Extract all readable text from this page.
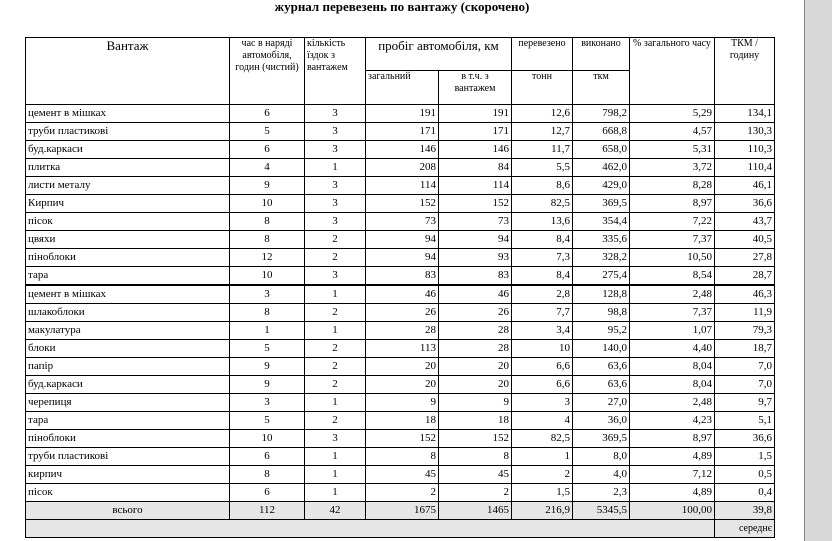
журнал перевезень по вантажу (скорочено)
Вантаж	час в наряді автомобіля, годин (чистий)	кількість їздок з вантажем	пробіг автомобіля, км		перевезено	виконано	% загального часу	ТКМ /годину
			загальний	в т.ч. з вантажем	тонн	ткм		
цемент в мішках	6	3	191	191	12,6	798,2	5,29	134,1
труби пластикові	5	3	171	171	12,7	668,8	4,57	130,3
буд.каркаси	6	3	146	146	11,7	658,0	5,31	110,3
плитка	4	1	208	84	5,5	462,0	3,72	110,4
листи металу	9	3	114	114	8,6	429,0	8,28	46,1
Кирпич	10	3	152	152	82,5	369,5	8,97	36,6
пісок	8	3	73	73	13,6	354,4	7,22	43,7
цвяхи	8	2	94	94	8,4	335,6	7,37	40,5
піноблоки	12	2	94	93	7,3	328,2	10,50	27,8
тара	10	3	83	83	8,4	275,4	8,54	28,7
цемент в мішках	3	1	46	46	2,8	128,8	2,48	46,3
шлакоблоки	8	2	26	26	7,7	98,8	7,37	11,9
макулатура	1	1	28	28	3,4	95,2	1,07	79,3
блоки	5	2	113	28	10	140,0	4,40	18,7
папір	9	2	20	20	6,6	63,6	8,04	7,0
буд.каркаси	9	2	20	20	6,6	63,6	8,04	7,0
черепиця	3	1	9	9	3	27,0	2,48	9,7
тара	5	2	18	18	4	36,0	4,23	5,1
піноблоки	10	3	152	152	82,5	369,5	8,97	36,6
труби пластикові	6	1	8	8	1	8,0	4,89	1,5
кирпич	8	1	45	45	2	4,0	7,12	0,5
пісок	6	1	2	2	1,5	2,3	4,89	0,4
всього	112	42	1675	1465	216,9	5345,5	100,00	39,8
								середнє
